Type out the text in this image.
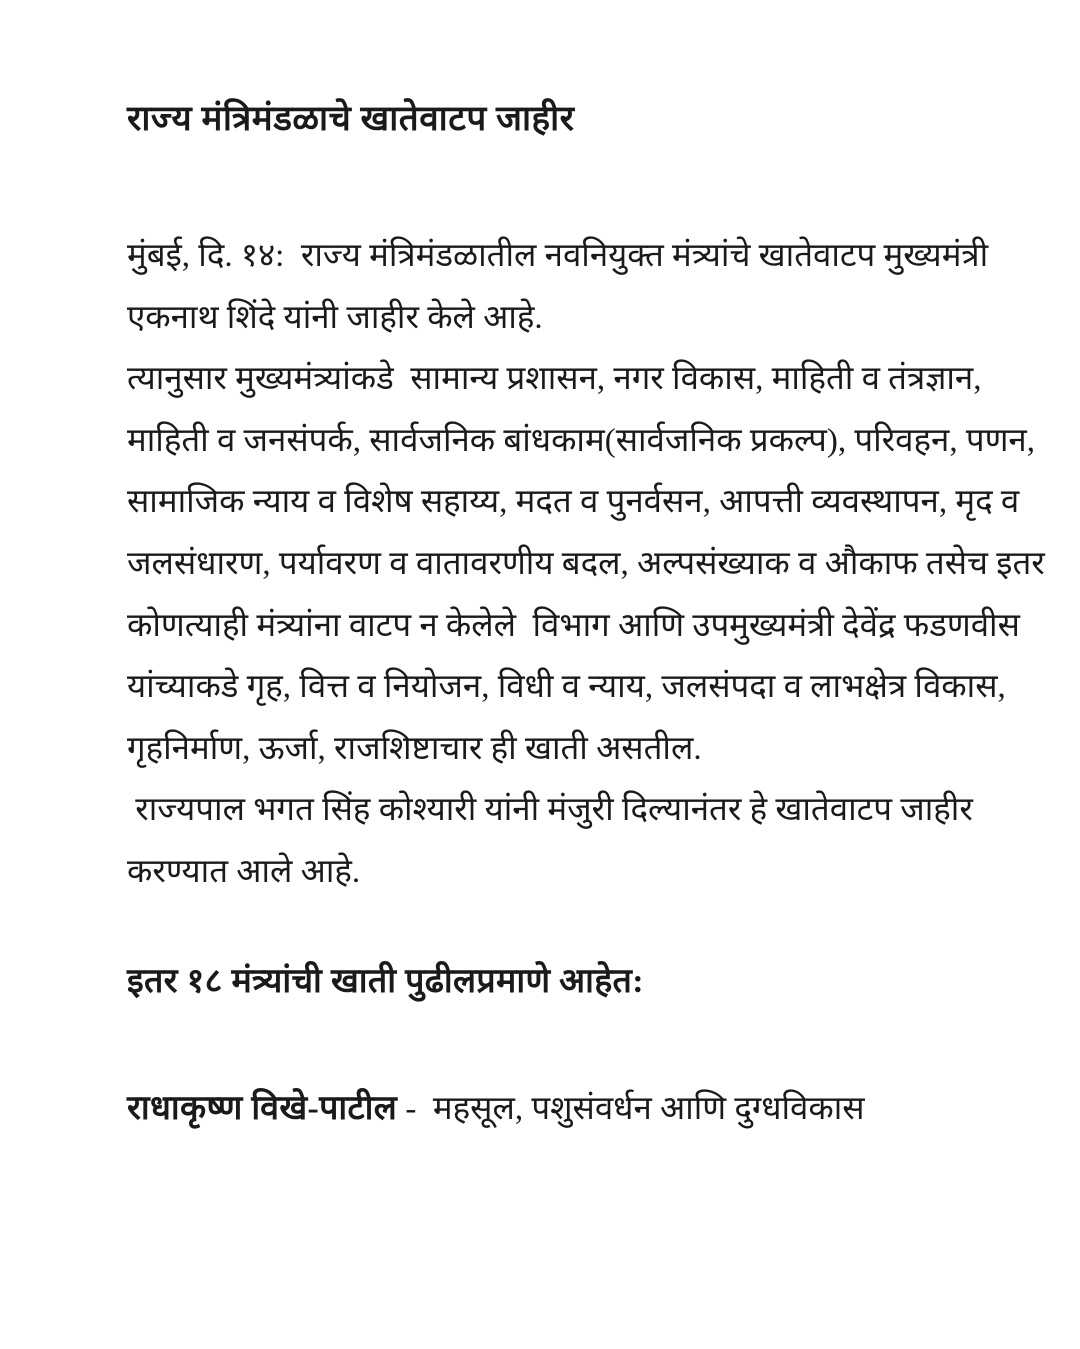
राज्य मंत्रिमंडळाचे खातेवाटप जाहीर
मुंबई, दि. १४:  राज्य मंत्रिमंडळातील नवनियुक्त मंत्र्यांचे खातेवाटप मुख्यमंत्री
एकनाथ शिंदे यांनी जाहीर केले आहे.
त्यानुसार मुख्यमंत्र्यांकडे  सामान्य प्रशासन, नगर विकास, माहिती व तंत्रज्ञान,
माहिती व जनसंपर्क, सार्वजनिक बांधकाम(सार्वजनिक प्रकल्प), परिवहन, पणन,
सामाजिक न्याय व विशेष सहाय्य, मदत व पुनर्वसन, आपत्ती व्यवस्थापन, मृद व
जलसंधारण, पर्यावरण व वातावरणीय बदल, अल्पसंख्याक व औकाफ तसेच इतर
कोणत्याही मंत्र्यांना वाटप न केलेले  विभाग आणि उपमुख्यमंत्री देवेंद्र फडणवीस
यांच्याकडे गृह, वित्त व नियोजन, विधी व न्याय, जलसंपदा व लाभक्षेत्र विकास,
गृहनिर्माण, ऊर्जा, राजशिष्टाचार ही खाती असतील.
राज्यपाल भगत सिंह कोश्यारी यांनी मंजुरी दिल्यानंतर हे खातेवाटप जाहीर
करण्यात आले आहे.
इतर १८ मंत्र्यांची खाती पुढीलप्रमाणे आहेत:
राधाकृष्ण विखे-पाटील -  महसूल, पशुसंवर्धन आणि दुग्धविकास
